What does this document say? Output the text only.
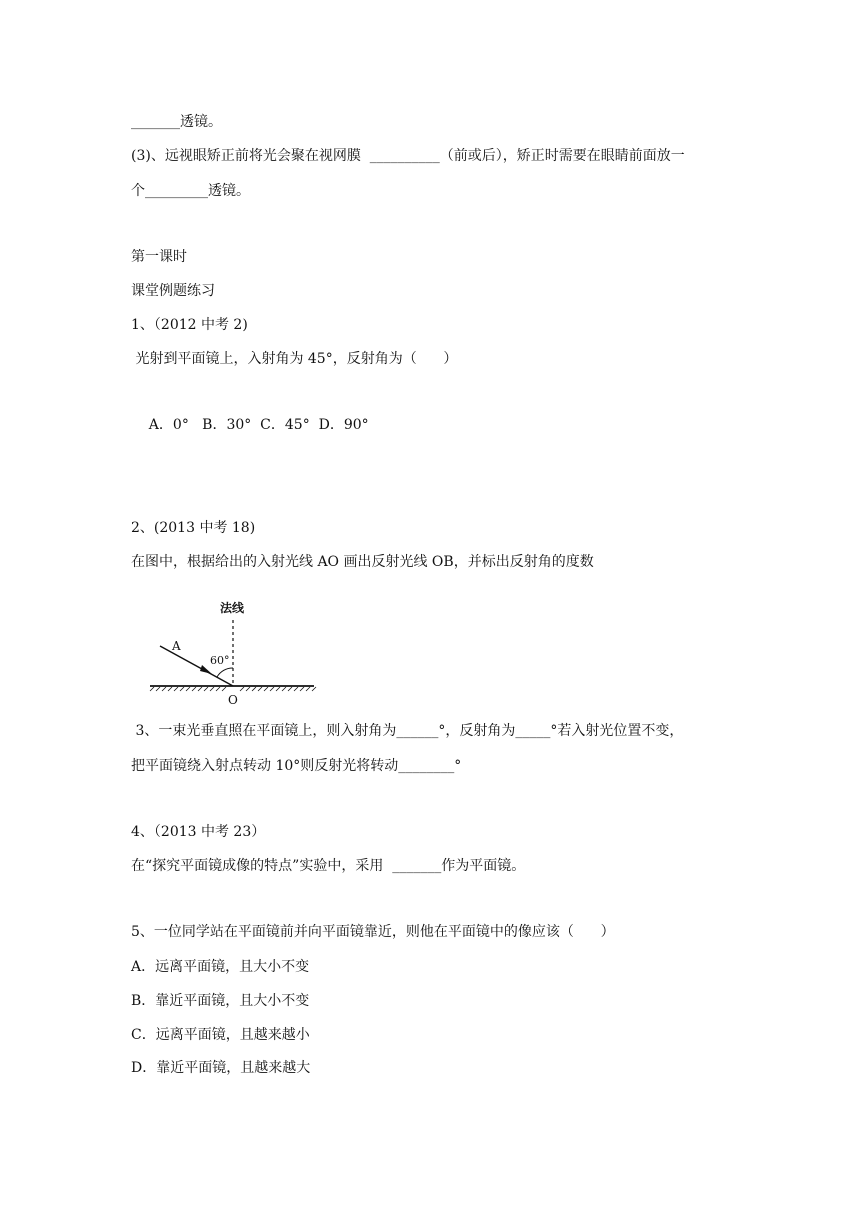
_______透镜。
(3)、远视眼矫正前将光会聚在视网膜  __________（前或后），矫正时需要在眼睛前面放一
个_________透镜。
第一课时
课堂例题练习
1、（2012 中考 2)
光射到平面镜上，入射角为 45°，反射角为（      ）
A．0°   B．30°  C．45°  D．90°
2、(2013 中考 18)
在图中，根据给出的入射光线 AO 画出反射光线 OB，并标出反射角的度数
法线
A
60°
O
3、一束光垂直照在平面镜上，则入射角为______°，反射角为_____°若入射光位置不变，
把平面镜绕入射点转动 10°则反射光将转动________°
4、（2013 中考 23）
在“探究平面镜成像的特点”实验中，采用  _______作为平面镜。
5、一位同学站在平面镜前并向平面镜靠近，则他在平面镜中的像应该（      ）
A．远离平面镜，且大小不变
B．靠近平面镜，且大小不变
C．远离平面镜，且越来越小
D．靠近平面镜，且越来越大
